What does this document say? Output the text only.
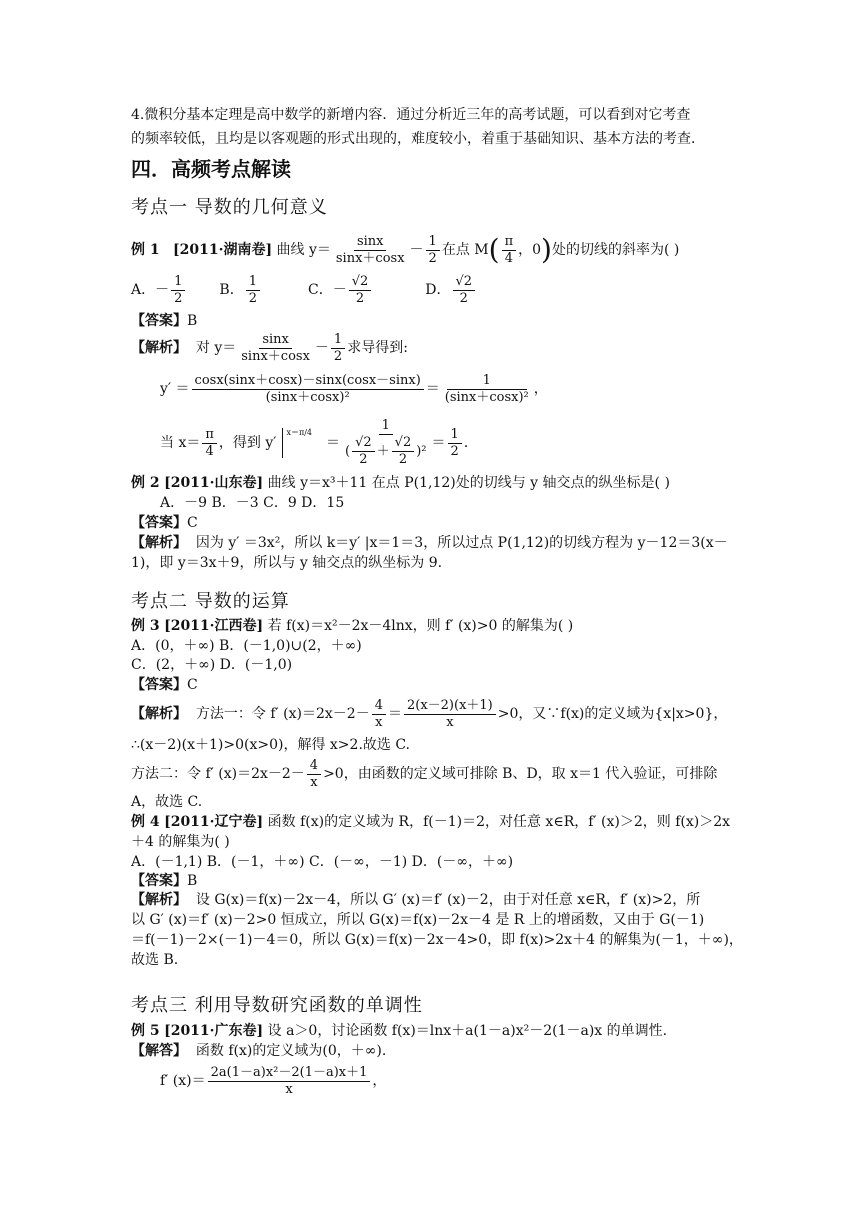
4.微积分基本定理是高中数学的新增内容．通过分析近三年的高考试题，可以看到对它考查
的频率较低，且均是以客观题的形式出现的，难度较小，着重于基础知识、基本方法的考查．
四．高频考点解读
考点一 导数的几何意义
例 1
[2011·湖南卷]
曲线 $y= \frac{\sin x}{\sin x+\cos x} - \frac{1}{2}$ 在点 M ( $\frac{\pi}{4}$ ，0 ) 处的切线的斜率为( )
A．－ $\frac{1}{2}$ B． $\frac{1}{2}$	C．－ $\frac{√2}{2}$	D． $\frac{√2}{2}$
【答案】B
【解析】
对 $y= \frac{\sin x}{\sin x+\cos x} - \frac{1}{2}$ 求导得到:
$y' = \frac{\cos x(\sin x+\cos x)-\sin x(\cos x-\sin x)}{\text{(sinx＋cosx)²}} = \frac{1}{\text{(sinx＋cosx)²}}$ ，
当 $x= \frac{\pi}{4}$ ，得到 y′
x＝π/4
＝ $\frac{1}{( \frac{√2}{2} + \frac{√2}{2} )^2} = \frac{1}{2}$ ．
例 2 [2011·山东卷] 曲线 y＝x³＋11 在点 P(1,12)处的切线与 y 轴交点的纵坐标是( )
A．－9 B．－3 C．9 D．15
【答案】C
【解析】 因为 y′ ＝3x²，所以 k＝y′ |x＝1＝3，所以过点 P(1,12)的切线方程为 y－12＝3(x－
1)，即 y＝3x＋9，所以与 y 轴交点的纵坐标为 9.
考点二 导数的运算
例 3 [2011·江西卷] 若 f(x)＝x²－2x－4lnx，则 f′ (x)>0 的解集为( )
A．(0，＋∞) B．(－1,0)∪(2，＋∞)
C．(2，＋∞) D．(－1,0)
【答案】C
【解析】
方法一：令 f′ $(x)=2x-2- \frac{4}{x} = \frac{2(x-2)(x+1)}{x} >0$，又∵f(x)的定义域为{x|x>0}，
∴(x－2)(x＋1)>0(x>0)，解得 x>2.故选 C.
方法二：令 f′ $(x)=2x-2- \frac{4}{x} >0$，由函数的定义域可排除 B、D，取 x＝1 代入验证，可排除
A，故选 C.
例 4 [2011·辽宁卷] 函数 f(x)的定义域为 R，f(－1)＝2，对任意 x∈R，f′ (x)＞2，则 f(x)＞2x
＋4 的解集为( )
A．(－1,1) B．(－1，＋∞) C．(－∞，－1) D．(－∞，＋∞)
【答案】B
【解析】 设 G(x)＝f(x)－2x－4，所以 G′ (x)＝f′ (x)－2，由于对任意 x∈R，f′ (x)>2，所
以 G′ (x)＝f′ (x)－2>0 恒成立，所以 G(x)＝f(x)－2x－4 是 R 上的增函数，又由于 G(－1)
＝f(－1)－2×(－1)－4＝0，所以 G(x)＝f(x)－2x－4>0，即 f(x)>2x＋4 的解集为(－1，＋∞)，
故选 B.
考点三 利用导数研究函数的单调性
例 5 [2011·广东卷] 设 a＞0，讨论函数 f(x)＝lnx＋a(1－a)x²－2(1－a)x 的单调性.
【解答】 函数 f(x)的定义域为(0，＋∞).
f′ $(x)= \frac{\text{2a(1－a)x²－2(1－a)x＋1}}{x}$ ，
